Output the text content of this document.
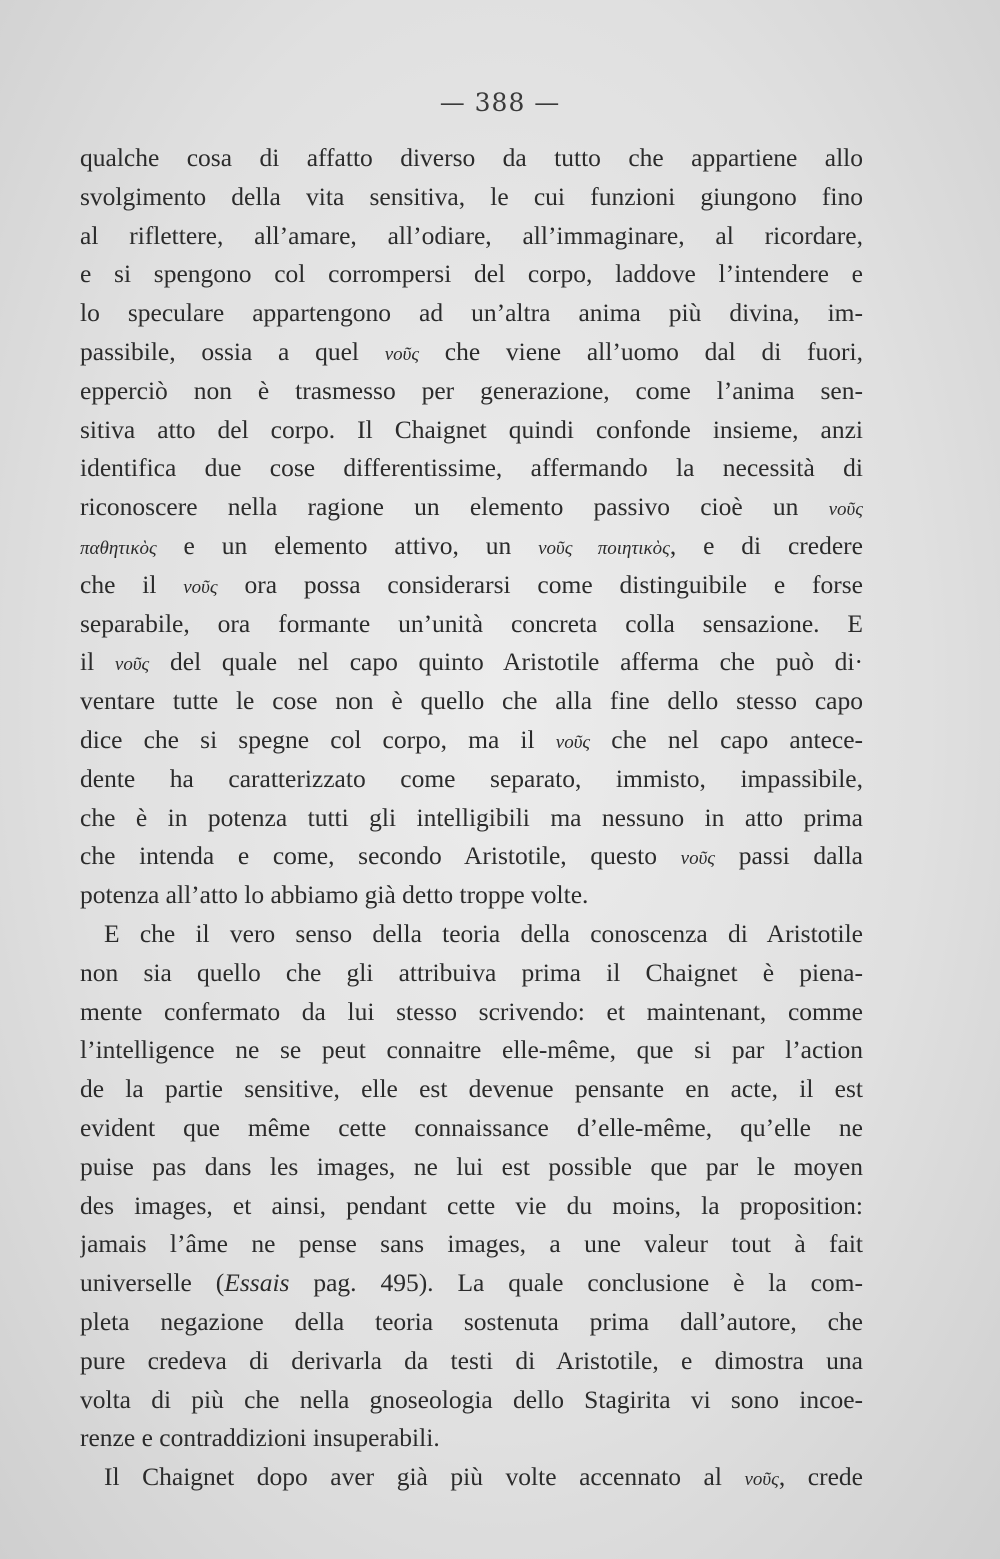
— 388 —
qualche cosa di affatto diverso da tutto che appartiene allo
svolgimento della vita sensitiva, le cui funzioni giungono fino
al riflettere, all’amare, all’odiare, all’immaginare, al ricordare,
e si spengono col corrompersi del corpo, laddove l’intendere e
lo speculare appartengono ad un’altra anima più divina, im-
passibile, ossia a quel νοῦς che viene all’uomo dal di fuori,
epperciò non è trasmesso per generazione, come l’anima sen-
sitiva atto del corpo. Il Chaignet quindi confonde insieme, anzi
identifica due cose differentissime, affermando la necessità di
riconoscere nella ragione un elemento passivo cioè un νοῦς
παθητικὸς e un elemento attivo, un νοῦς ποιητικὸς, e di credere
che il νοῦς ora possa considerarsi come distinguibile e forse
separabile, ora formante un’unità concreta colla sensazione. E
il νοῦς del quale nel capo quinto Aristotile afferma che può di·
ventare tutte le cose non è quello che alla fine dello stesso capo
dice che si spegne col corpo, ma il νοῦς che nel capo antece-
dente ha caratterizzato come separato, immisto, impassibile,
che è in potenza tutti gli intelligibili ma nessuno in atto prima
che intenda e come, secondo Aristotile, questo νοῦς passi dalla
potenza all’atto lo abbiamo già detto troppe volte.
E che il vero senso della teoria della conoscenza di Aristotile
non sia quello che gli attribuiva prima il Chaignet è piena-
mente confermato da lui stesso scrivendo: et maintenant, comme
l’intelligence ne se peut connaitre elle-même, que si par l’action
de la partie sensitive, elle est devenue pensante en acte, il est
evident que même cette connaissance d’elle-même, qu’elle ne
puise pas dans les images, ne lui est possible que par le moyen
des images, et ainsi, pendant cette vie du moins, la proposition:
jamais l’âme ne pense sans images, a une valeur tout à fait
universelle (Essais pag. 495). La quale conclusione è la com-
pleta negazione della teoria sostenuta prima dall’autore, che
pure credeva di derivarla da testi di Aristotile, e dimostra una
volta di più che nella gnoseologia dello Stagirita vi sono incoe-
renze e contraddizioni insuperabili.
Il Chaignet dopo aver già più volte accennato al νοῦς, crede
